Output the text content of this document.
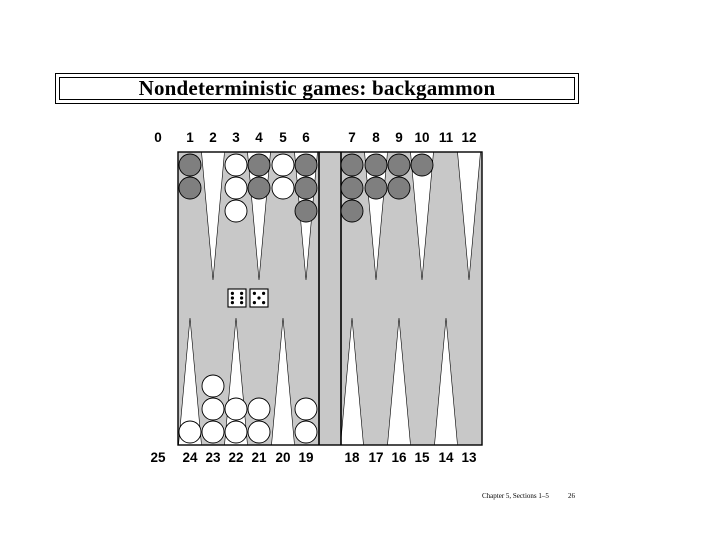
Nondeterministic games: backgammon
0 1 2 3 4 5 6	7 8 9 10 11 12
25 24 23 22 21 20 19 18 17 16 15 14 13
Chapter 5, Sections 1–5	26
